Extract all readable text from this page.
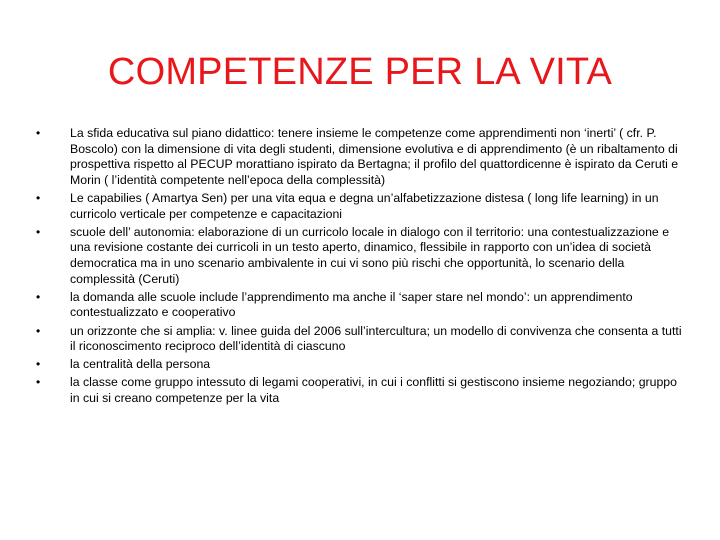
COMPETENZE PER LA VITA
•	La sfida educativa sul piano didattico: tenere insieme le competenze come apprendimenti non ‘inerti’ ( cfr. P. Boscolo) con la dimensione di vita degli studenti, dimensione evolutiva e di apprendimento (è un ribaltamento di prospettiva rispetto al PECUP morattiano ispirato da Bertagna; il profilo del quattordicenne è ispirato da Ceruti e Morin ( l’identità competente nell’epoca della complessità)
•	Le capabilies ( Amartya Sen) per una vita equa e degna un’alfabetizzazione distesa ( long life learning) in un curricolo verticale per competenze e capacitazioni
•	scuole dell’ autonomia: elaborazione di un curricolo locale in dialogo con il territorio: una contestualizzazione e una revisione costante dei curricoli in un testo aperto, dinamico, flessibile in rapporto con un’idea di società democratica ma in uno scenario ambivalente in cui vi sono più rischi che opportunità, lo scenario della complessità (Ceruti)
•	la domanda alle scuole include l’apprendimento ma anche il ‘saper stare nel mondo’: un apprendimento contestualizzato e cooperativo
•	un orizzonte che si amplia: v. linee guida del 2006 sull’intercultura; un modello di convivenza che consenta a tutti il riconoscimento reciproco dell’identità di ciascuno
•	la centralità della persona
•	la classe come gruppo intessuto di legami cooperativi, in cui i conflitti si gestiscono insieme negoziando; gruppo in cui si creano competenze per la vita
